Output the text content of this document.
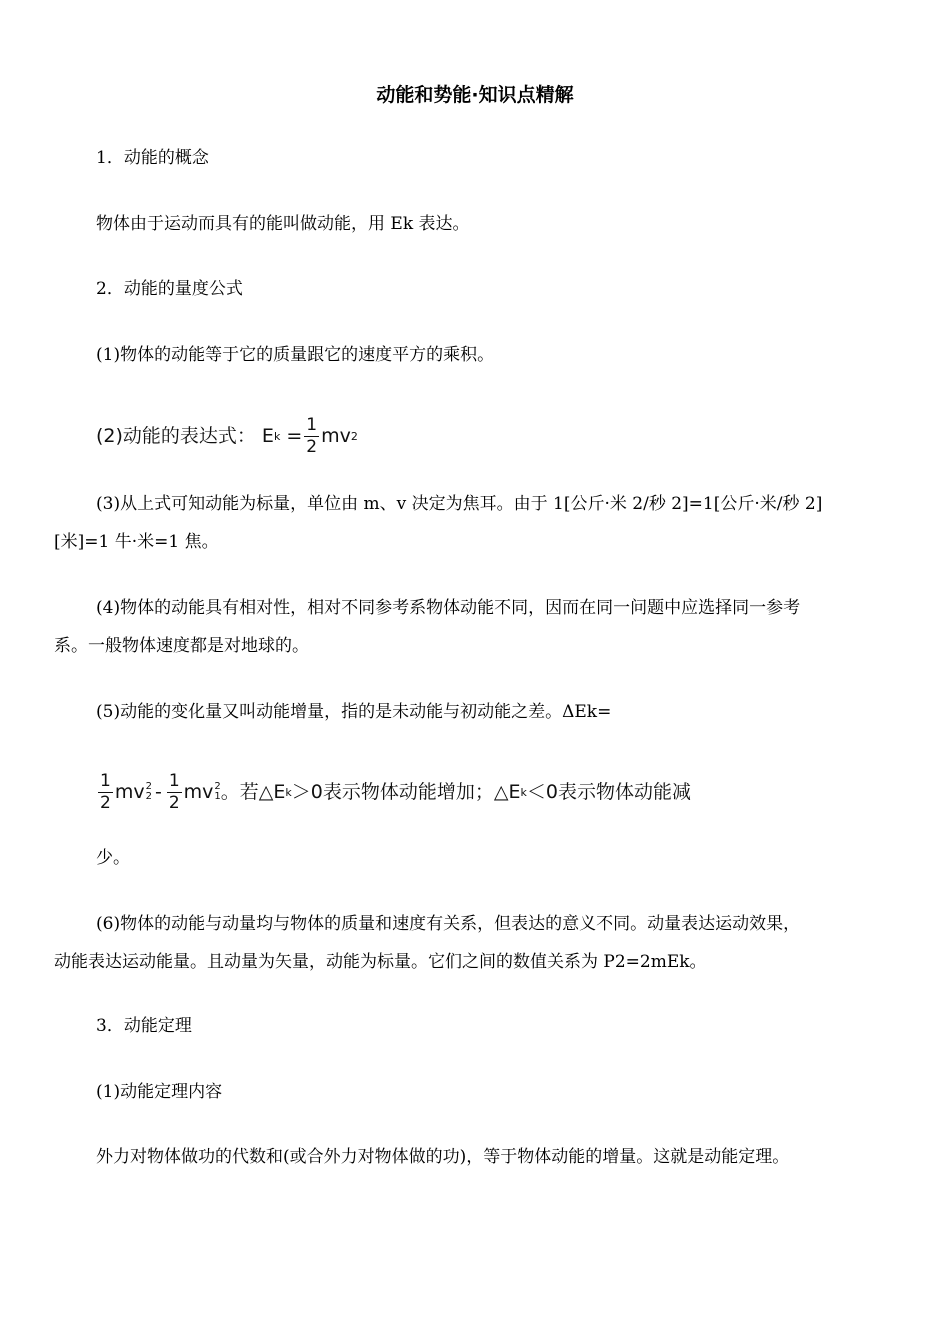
动能和势能·知识点精解
1．动能的概念
物体由于运动而具有的能叫做动能，用 Ek 表达。
2．动能的量度公式
(1)物体的动能等于它的质量跟它的速度平方的乘积。
(2)动能的表达式： E $k = \frac{1}{2}$ mv 2
(3)从上式可知动能为标量，单位由 m、v 决定为焦耳。由于 1[公斤·米 2/秒 2]=1[公斤·米/秒 2]
[米]=1 牛·米=1 焦。
(4)物体的动能具有相对性，相对不同参考系物体动能不同，因而在同一问题中应选择同一参考
系。一般物体速度都是对地球的。
(5)动能的变化量又叫动能增量，指的是未动能与初动能之差。ΔEk=
$\frac{1}{2}$ mv 2
$2 - \frac{1}{2}$ mv 2
1 。若△E k ＞0表示物体动能增加；△E k ＜0表示物体动能减
少。
(6)物体的动能与动量均与物体的质量和速度有关系，但表达的意义不同。动量表达运动效果，
动能表达运动能量。且动量为矢量，动能为标量。它们之间的数值关系为 P2=2mEk。
3．动能定理
(1)动能定理内容
外力对物体做功的代数和(或合外力对物体做的功)，等于物体动能的增量。这就是动能定理。
